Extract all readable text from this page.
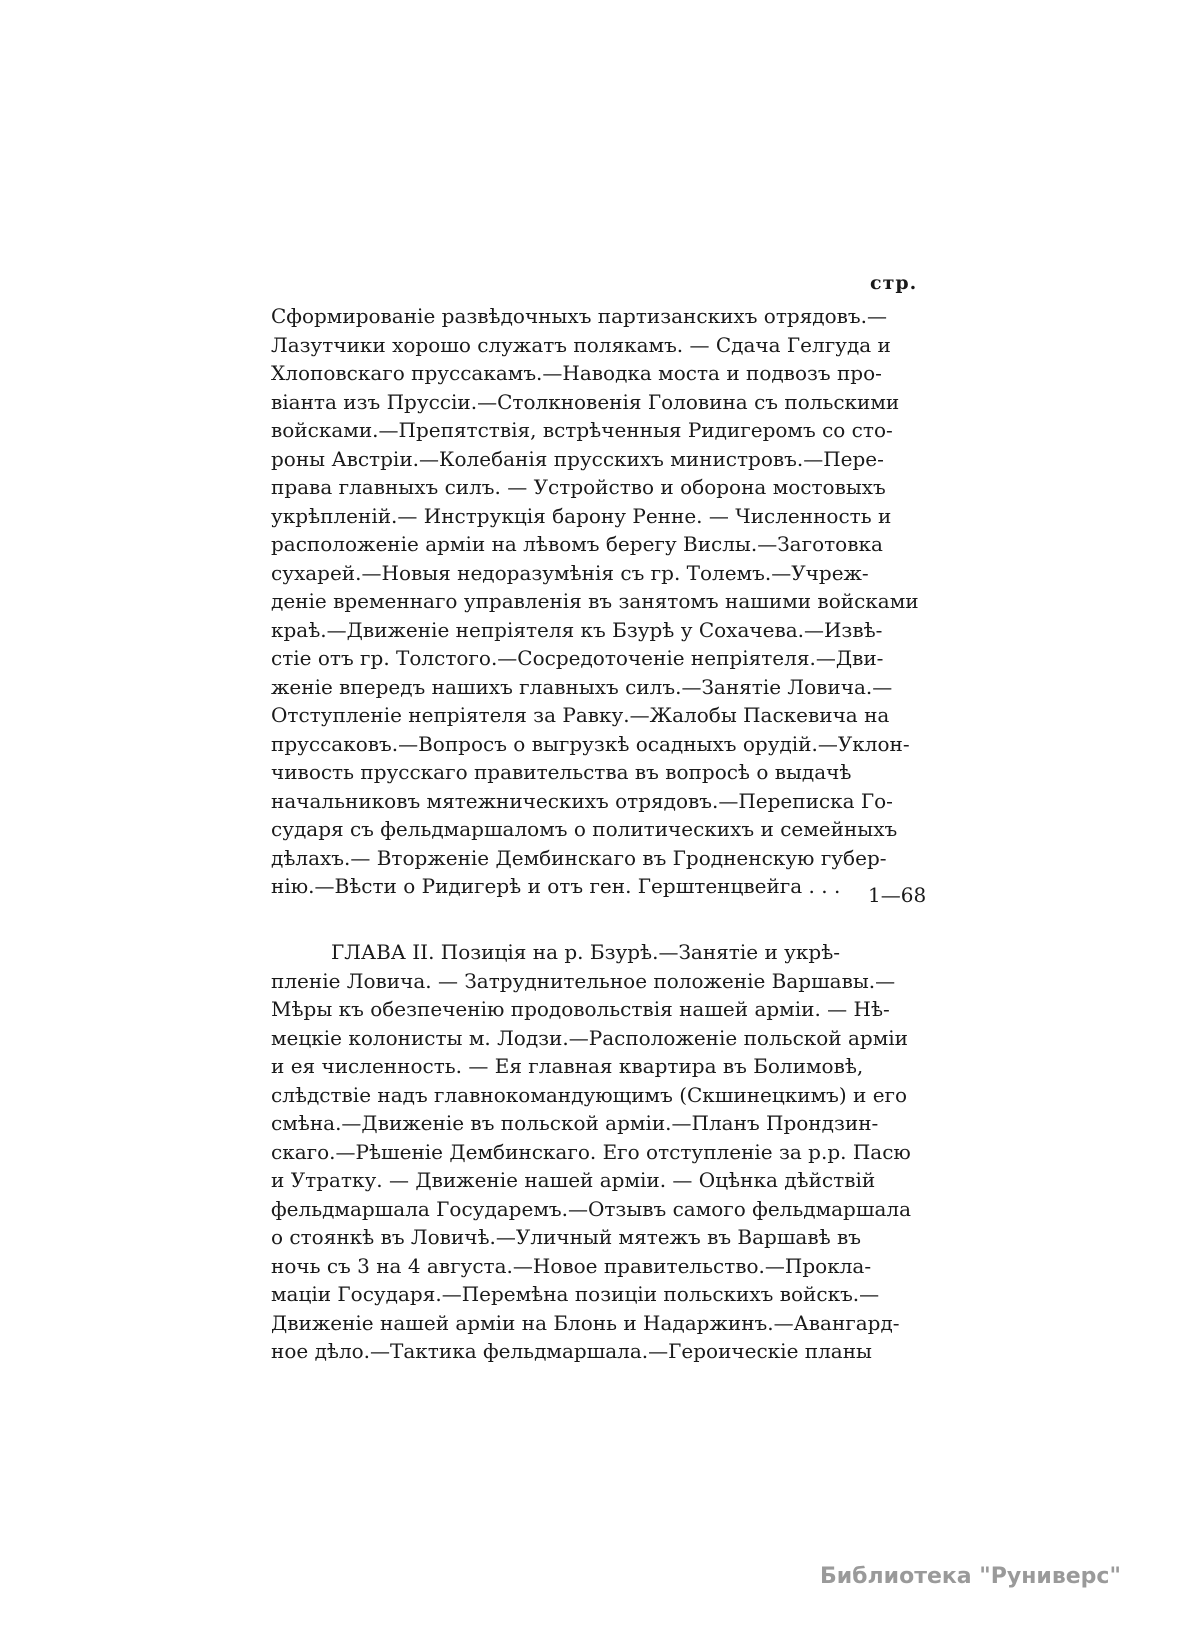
стр.
Сформированіе развѣдочныхъ партизанскихъ отрядовъ.—
Лазутчики хорошо служатъ полякамъ. — Сдача Гелгуда и
Хлоповскаго пруссакамъ.—Наводка моста и подвозъ про-
віанта изъ Пруссіи.—Столкновенія Головина съ польскими
войсками.—Препятствія, встрѣченныя Ридигеромъ со сто-
роны Австріи.—Колебанія прусскихъ министровъ.—Пере-
права главныхъ силъ. — Устройство и оборона мостовыхъ
укрѣпленій.— Инструкція барону Ренне. — Численность и
расположеніе арміи на лѣвомъ берегу Вислы.—Заготовка
сухарей.—Новыя недоразумѣнія съ гр. Толемъ.—Учреж-
деніе временнаго управленія въ занятомъ нашими войсками
краѣ.—Движеніе непріятеля къ Бзурѣ у Сохачева.—Извѣ-
стіе отъ гр. Толстого.—Сосредоточеніе непріятеля.—Дви-
женіе впередъ нашихъ главныхъ силъ.—Занятіе Ловича.—
Отступленіе непріятеля за Равку.—Жалобы Паскевича на
пруссаковъ.—Вопросъ о выгрузкѣ осадныхъ орудій.—Уклон-
чивость прусскаго правительства въ вопросѣ о выдачѣ
начальниковъ мятежническихъ отрядовъ.—Переписка Го-
сударя съ фельдмаршаломъ о политическихъ и семейныхъ
дѣлахъ.— Вторженіе Дембинскаго въ Гродненскую губер-
нію.—Вѣсти о Ридигерѣ и отъ ген. Герштенцвейга . . . 1—68
ГЛАВА II. Позиція на р. Бзурѣ.—Занятіе и укрѣ-
пленіе Ловича. — Затруднительное положеніе Варшавы.—
Мѣры къ обезпеченію продовольствія нашей арміи. — Нѣ-
мецкіе колонисты м. Лодзи.—Расположеніе польской арміи
и ея численность. — Ея главная квартира въ Болимовѣ,
слѣдствіе надъ главнокомандующимъ (Скшинецкимъ) и его
смѣна.—Движеніе въ польской арміи.—Планъ Прондзин-
скаго.—Рѣшеніе Дембинскаго. Его отступленіе за р.р. Пасю
и Утратку. — Движеніе нашей арміи. — Оцѣнка дѣйствій
фельдмаршала Государемъ.—Отзывъ самого фельдмаршала
о стоянкѣ въ Ловичѣ.—Уличный мятежъ въ Варшавѣ въ
ночь съ 3 на 4 августа.—Новое правительство.—Прокла-
маціи Государя.—Перемѣна позиціи польскихъ войскъ.—
Движеніе нашей арміи на Блонь и Надаржинъ.—Авангард-
ное дѣло.—Тактика фельдмаршала.—Героическіе планы
Библиотека "Руниверс"
